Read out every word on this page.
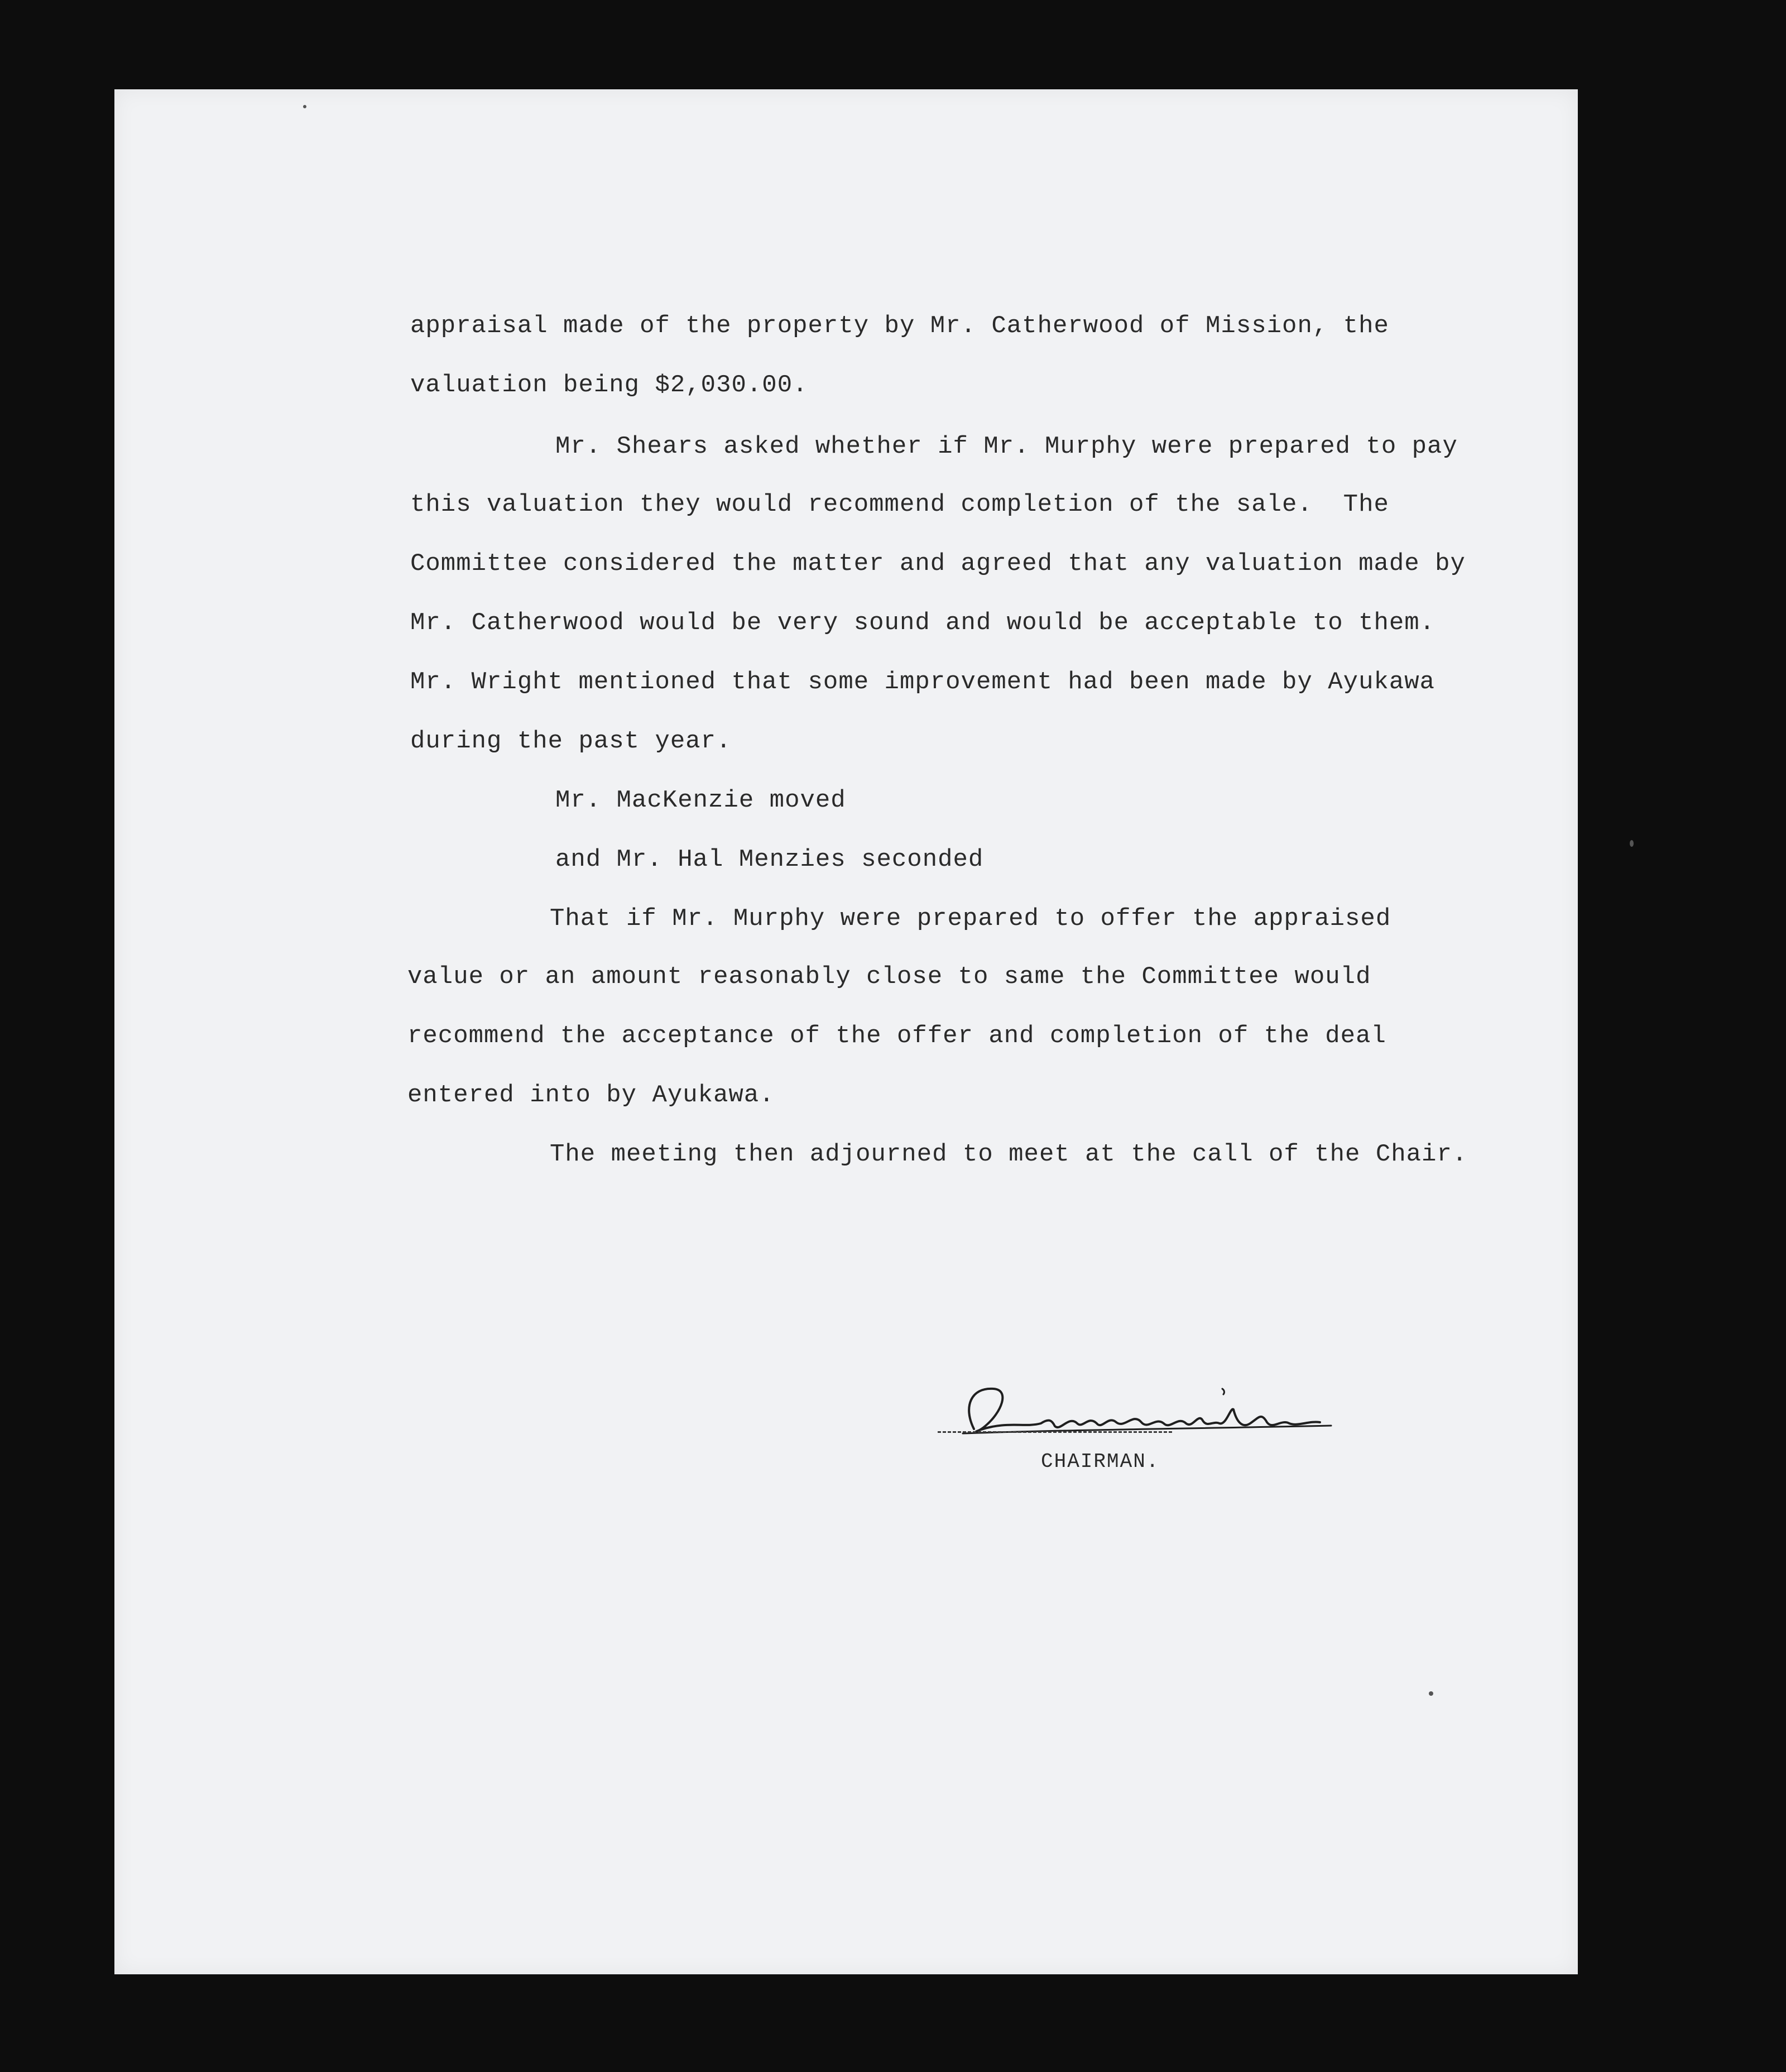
appraisal made of the property by Mr. Catherwood of Mission, the

valuation being $2,030.00.

Mr. Shears asked whether if Mr. Murphy were prepared to pay

this valuation they would recommend completion of the sale.  The

Committee considered the matter and agreed that any valuation made by

Mr. Catherwood would be very sound and would be acceptable to them.

Mr. Wright mentioned that some improvement had been made by Ayukawa

during the past year.

Mr. MacKenzie moved

and Mr. Hal Menzies seconded

That if Mr. Murphy were prepared to offer the appraised

value or an amount reasonably close to same the Committee would

recommend the acceptance of the offer and completion of the deal

entered into by Ayukawa.

The meeting then adjourned to meet at the call of the Chair.

CHAIRMAN.
